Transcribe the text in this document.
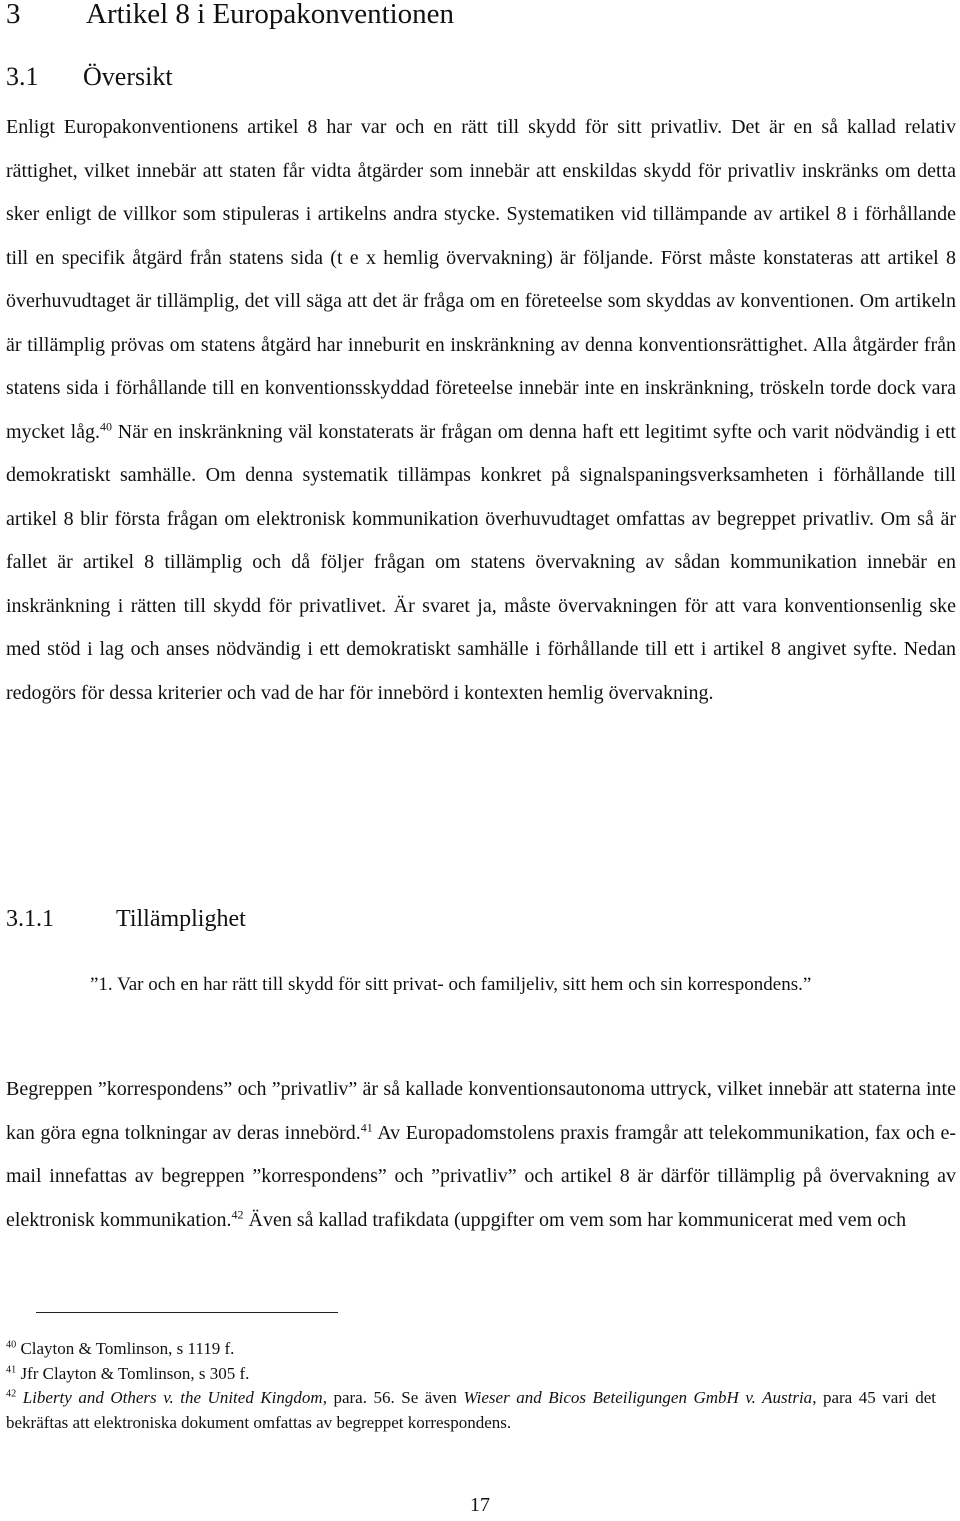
3 Artikel 8 i Europakonventionen
3.1 Översikt

Enligt Europakonventionens artikel 8 har var och en rätt till skydd för sitt privatliv. Det är en så kallad relativ rättighet, vilket innebär att staten får vidta åtgärder som innebär att enskildas skydd för privatliv inskränks om detta sker enligt de villkor som stipuleras i artikelns andra stycke. Systematiken vid tillämpande av artikel 8 i förhållande till en specifik åtgärd från statens sida (t e x hemlig övervakning) är följande. Först måste konstateras att artikel 8 överhuvudtaget är tillämplig, det vill säga att det är fråga om en företeelse som skyddas av konventionen. Om artikeln är tillämplig prövas om statens åtgärd har inneburit en inskränkning av denna konventionsrättighet. Alla åtgärder från statens sida i förhållande till en konventionsskyddad företeelse innebär inte en inskränkning, tröskeln torde dock vara mycket låg.$^{40}$ När en inskränkning väl konstaterats är frågan om denna haft ett legitimt syfte och varit nödvändig i ett demokratiskt samhälle. Om denna systematik tillämpas konkret på signalspaningsverksamheten i förhållande till artikel 8 blir första frågan om elektronisk kommunikation överhuvudtaget omfattas av begreppet privatliv. Om så är fallet är artikel 8 tillämplig och då följer frågan om statens övervakning av sådan kommunikation innebär en inskränkning i rätten till skydd för privatlivet. Är svaret ja, måste övervakningen för att vara konventionsenlig ske med stöd i lag och anses nödvändig i ett demokratiskt samhälle i förhållande till ett i artikel 8 angivet syfte. Nedan redogörs för dessa kriterier och vad de har för innebörd i kontexten hemlig övervakning.

3.1.1	Tillämplighet

”1. Var och en har rätt till skydd för sitt privat- och familjeliv, sitt hem och sin korrespondens.”

Begreppen ”korrespondens” och ”privatliv” är så kallade konventionsautonoma uttryck, vilket innebär att staterna inte kan göra egna tolkningar av deras innebörd.$^{41}$ Av Europadomstolens praxis framgår att telekommunikation, fax och e-mail innefattas av begreppen ”korrespondens” och ”privatliv” och artikel 8 är därför tillämplig på övervakning av elektronisk kommunikation.$^{42}$ Även så kallad trafikdata (uppgifter om vem som har kommunicerat med vem och

$^{40}$ Clayton & Tomlinson, s 1119 f.

$^{41}$ Jfr Clayton & Tomlinson, s 305 f.

$^{42}$ Liberty and Others v. the United Kingdom, para. 56. Se även Wieser and Bicos Beteiligungen GmbH v. Austria, para 45 vari det bekräftas att elektroniska dokument omfattas av begreppet korrespondens.

17
